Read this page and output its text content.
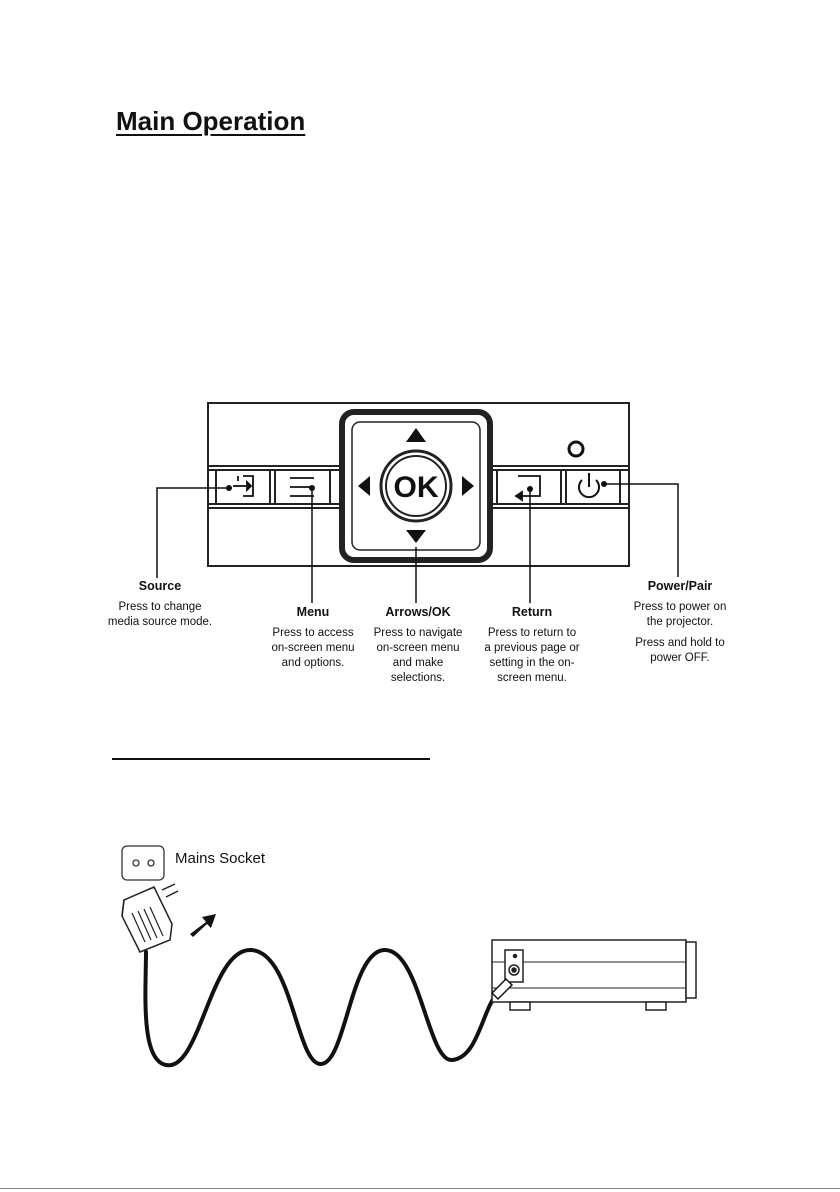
Main Operation
OK
Source
Press to change media source mode.
Menu
Press to access on-screen menu and options.
Arrows/OK
Press to navigate on-screen menu and make selections.
Return
Press to return to a previous page or setting in the on-screen menu.
Power/Pair
Press to power on the projector.
Press and hold to power OFF.
Mains Socket
